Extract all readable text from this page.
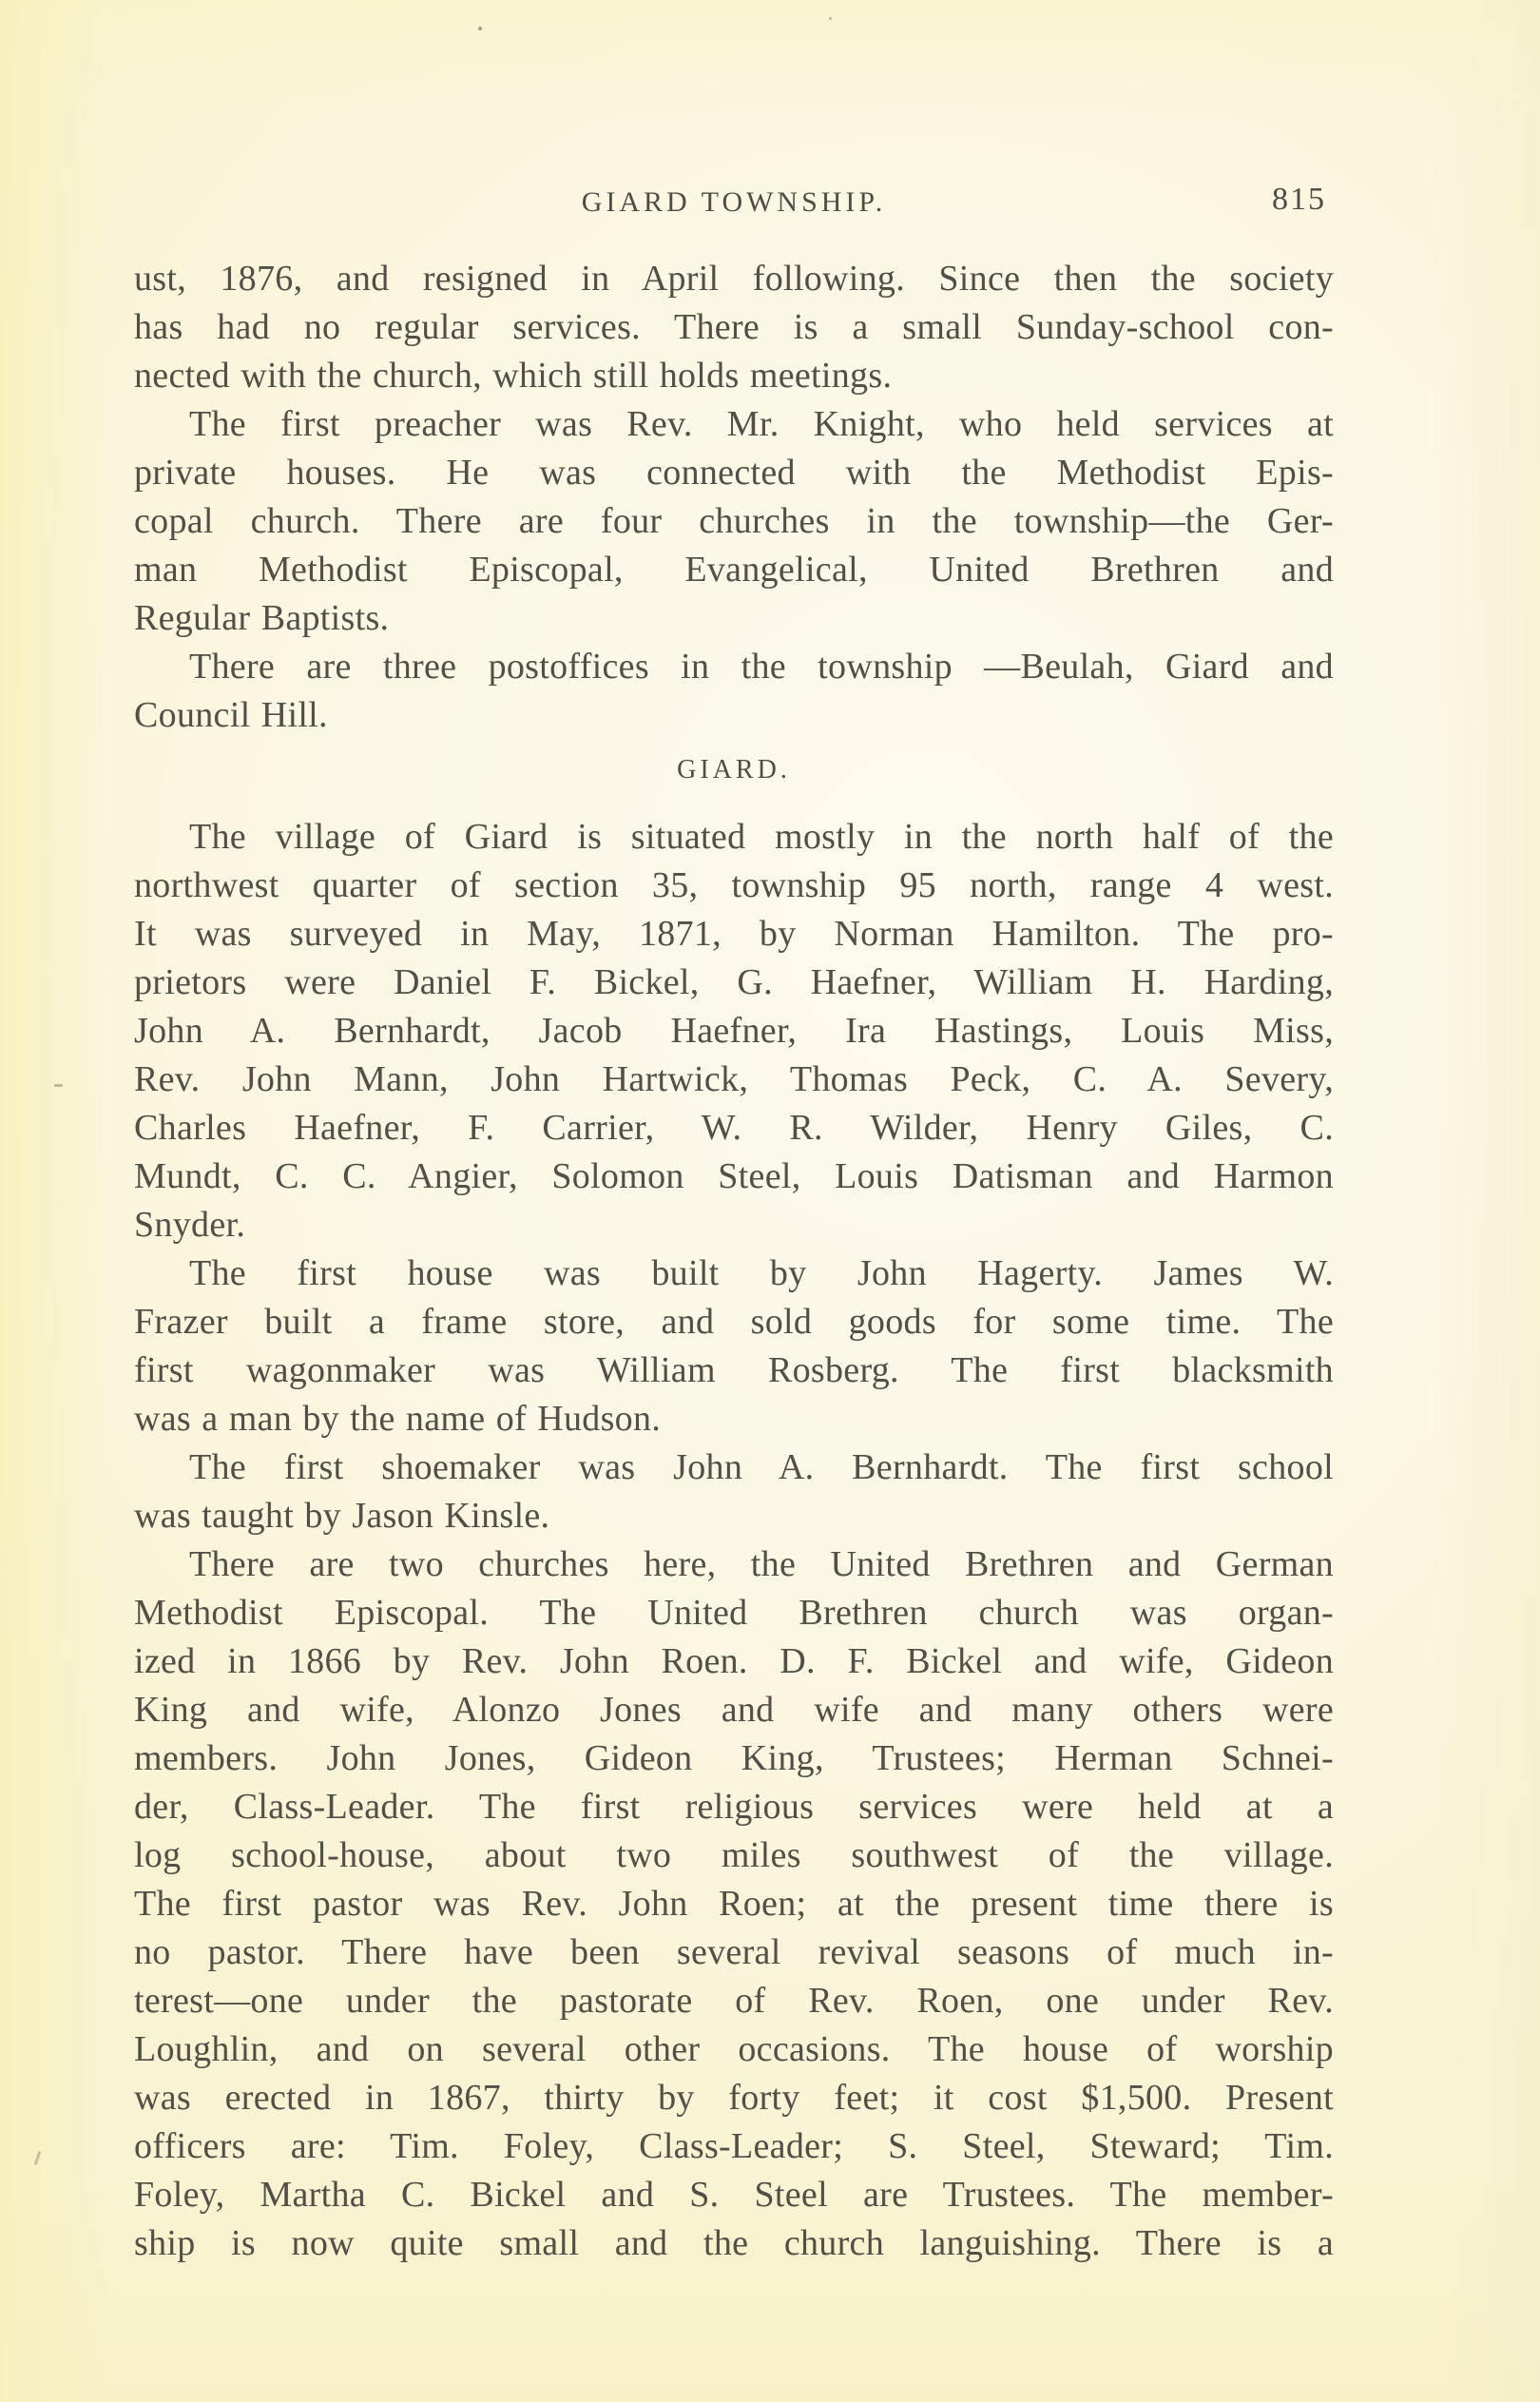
GIARD TOWNSHIP.	815
ust, 1876, and resigned in April following. Since then the society
has had no regular services. There is a small Sunday-school con-
nected with the church, which still holds meetings.
The first preacher was Rev. Mr. Knight, who held services at
private houses. He was connected with the Methodist Epis-
copal church. There are four churches in the township—the Ger-
man Methodist Episcopal, Evangelical, United Brethren and
Regular Baptists.
There are three postoffices in the township —Beulah, Giard and
Council Hill.
GIARD.
The village of Giard is situated mostly in the north half of the
northwest quarter of section 35, township 95 north, range 4 west.
It was surveyed in May, 1871, by Norman Hamilton. The pro-
prietors were Daniel F. Bickel, G. Haefner, William H. Harding,
John A. Bernhardt, Jacob Haefner, Ira Hastings, Louis Miss,
Rev. John Mann, John Hartwick, Thomas Peck, C. A. Severy,
Charles Haefner, F. Carrier, W. R. Wilder, Henry Giles, C.
Mundt, C. C. Angier, Solomon Steel, Louis Datisman and Harmon
Snyder.
The first house was built by John Hagerty. James W.
Frazer built a frame store, and sold goods for some time. The
first wagonmaker was William Rosberg. The first blacksmith
was a man by the name of Hudson.
The first shoemaker was John A. Bernhardt. The first school
was taught by Jason Kinsle.
There are two churches here, the United Brethren and German
Methodist Episcopal. The United Brethren church was organ-
ized in 1866 by Rev. John Roen. D. F. Bickel and wife, Gideon
King and wife, Alonzo Jones and wife and many others were
members. John Jones, Gideon King, Trustees; Herman Schnei-
der, Class-Leader. The first religious services were held at a
log school-house, about two miles southwest of the village.
The first pastor was Rev. John Roen; at the present time there is
no pastor. There have been several revival seasons of much in-
terest—one under the pastorate of Rev. Roen, one under Rev.
Loughlin, and on several other occasions. The house of worship
was erected in 1867, thirty by forty feet; it cost $1,500. Present
officers are: Tim. Foley, Class-Leader; S. Steel, Steward; Tim.
Foley, Martha C. Bickel and S. Steel are Trustees. The member-
ship is now quite small and the church languishing. There is a
